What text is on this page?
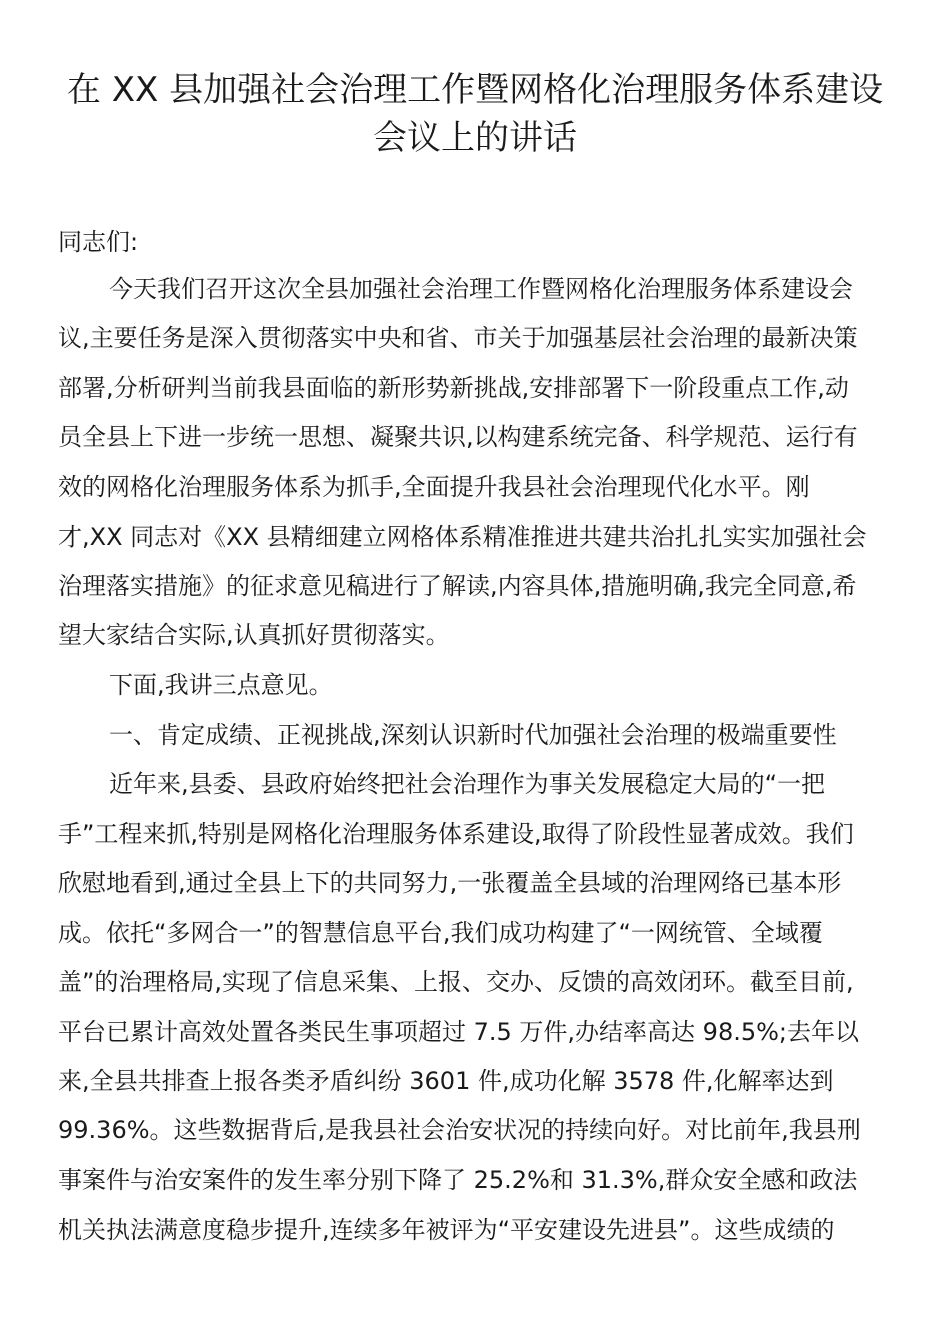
在 XX 县加强社会治理工作暨网格化治理服务体系建设
会议上的讲话
同志们:
今天我们召开这次全县加强社会治理工作暨网格化治理服务体系建设会
议,主要任务是深入贯彻落实中央和省、市关于加强基层社会治理的最新决策
部署,分析研判当前我县面临的新形势新挑战,安排部署下一阶段重点工作,动
员全县上下进一步统一思想、凝聚共识,以构建系统完备、科学规范、运行有
效的网格化治理服务体系为抓手,全面提升我县社会治理现代化水平。刚
才,XX 同志对《XX 县精细建立网格体系精准推进共建共治扎扎实实加强社会
治理落实措施》的征求意见稿进行了解读,内容具体,措施明确,我完全同意,希
望大家结合实际,认真抓好贯彻落实。
下面,我讲三点意见。
一、肯定成绩、正视挑战,深刻认识新时代加强社会治理的极端重要性
近年来,县委、县政府始终把社会治理作为事关发展稳定大局的“一把
手”工程来抓,特别是网格化治理服务体系建设,取得了阶段性显著成效。我们
欣慰地看到,通过全县上下的共同努力,一张覆盖全县域的治理网络已基本形
成。依托“多网合一”的智慧信息平台,我们成功构建了“一网统管、全域覆
盖”的治理格局,实现了信息采集、上报、交办、反馈的高效闭环。截至目前,
平台已累计高效处置各类民生事项超过 7.5 万件,办结率高达 98.5%;去年以
来,全县共排查上报各类矛盾纠纷 3601 件,成功化解 3578 件,化解率达到
99.36%。这些数据背后,是我县社会治安状况的持续向好。对比前年,我县刑
事案件与治安案件的发生率分别下降了 25.2%和 31.3%,群众安全感和政法
机关执法满意度稳步提升,连续多年被评为“平安建设先进县”。这些成绩的
